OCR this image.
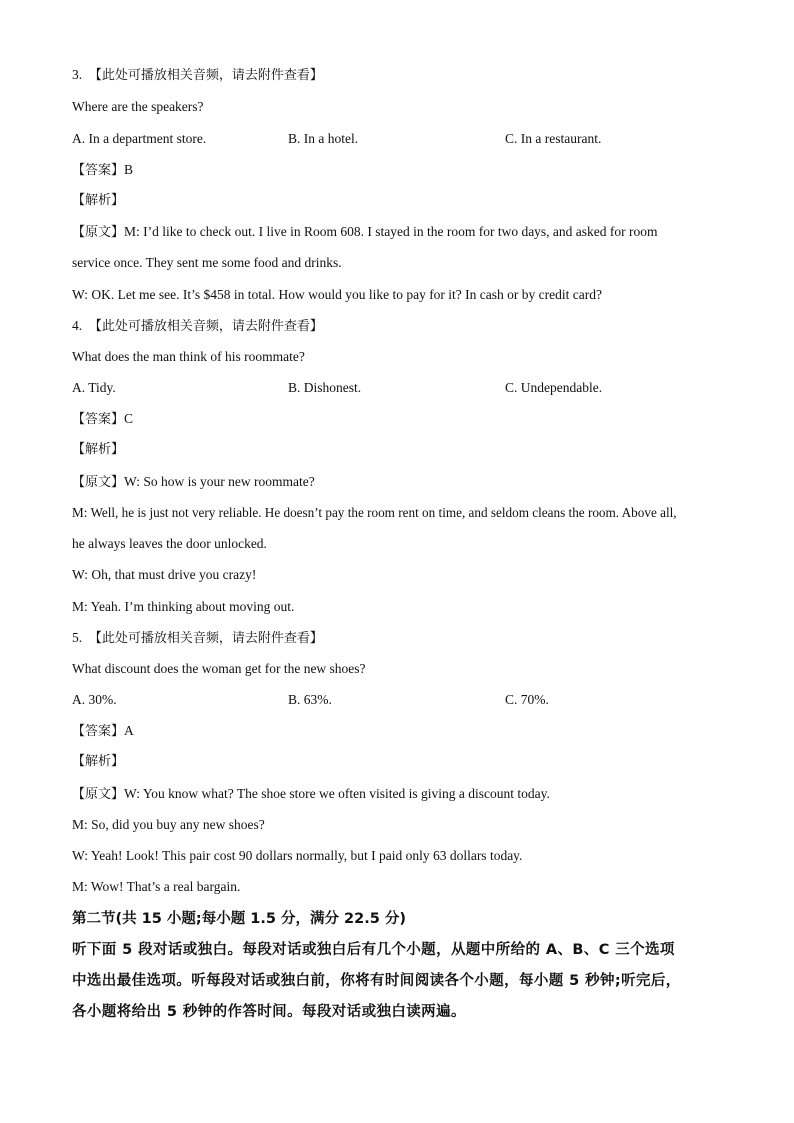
3. 【此处可播放相关音频，请去附件查看】
Where are the speakers?
A. In a department store.	B. In a hotel.	C. In a restaurant.
【答案】B
【解析】
【原文】M: I’d like to check out. I live in Room 608. I stayed in the room for two days, and asked for room
service once. They sent me some food and drinks.
W: OK. Let me see. It’s $458 in total. How would you like to pay for it? In cash or by credit card?
4. 【此处可播放相关音频，请去附件查看】
What does the man think of his roommate?
A. Tidy.	B. Dishonest.	C. Undependable.
【答案】C
【解析】
【原文】W: So how is your new roommate?
M: Well, he is just not very reliable. He doesn’t pay the room rent on time, and seldom cleans the room. Above all,
he always leaves the door unlocked.
W: Oh, that must drive you crazy!
M: Yeah. I’m thinking about moving out.
5. 【此处可播放相关音频，请去附件查看】
What discount does the woman get for the new shoes?
A. 30%.	B. 63%.	C. 70%.
【答案】A
【解析】
【原文】W: You know what? The shoe store we often visited is giving a discount today.
M: So, did you buy any new shoes?
W: Yeah! Look! This pair cost 90 dollars normally, but I paid only 63 dollars today.
M: Wow! That’s a real bargain.
第二节(共 15 小题;每小题 1.5 分，满分 22.5 分)
听下面 5 段对话或独白。每段对话或独白后有几个小题，从题中所给的 A、B、C 三个选项
中选出最佳选项。听每段对话或独白前，你将有时间阅读各个小题，每小题 5 秒钟;听完后，
各小题将给出 5 秒钟的作答时间。每段对话或独白读两遍。
